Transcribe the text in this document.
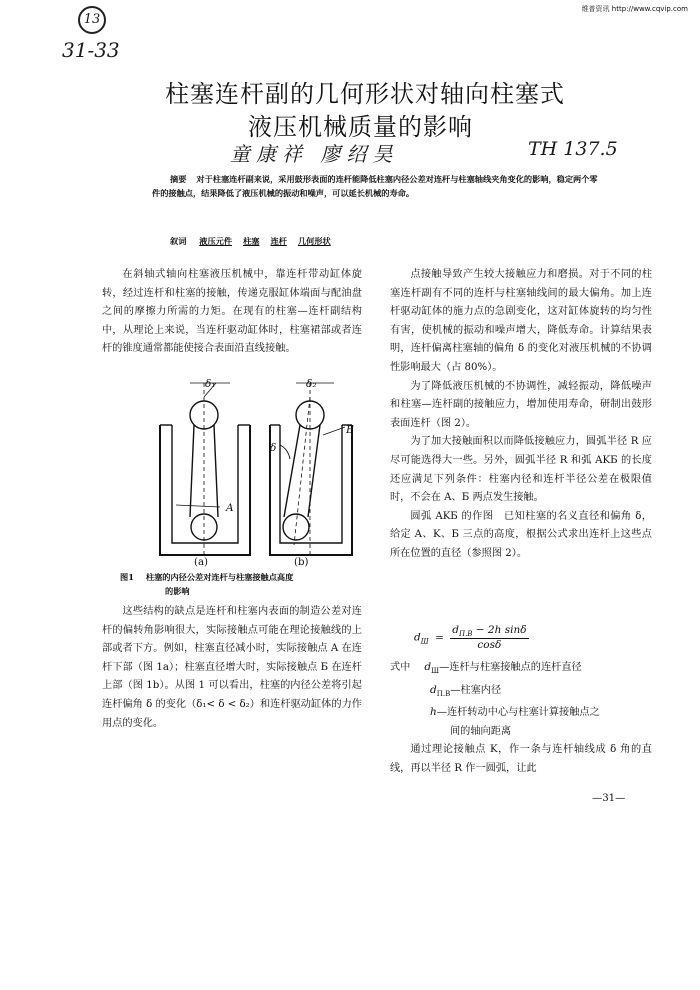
维普资讯 http://www.cqvip.com
13
31-33
柱塞连杆副的几何形状对轴向柱塞式
液压机械质量的影响
童康祥 廖绍昊	TH 137.5
摘要 对于柱塞连杆副来说，采用鼓形表面的连杆能降低柱塞内径公差对连杆与柱塞轴线夹角变化的影响，稳定两个零件的接触点，结果降低了液压机械的振动和噪声，可以延长机械的寿命。
叙词 液压元件　 柱塞　 连杆　 几何形状

在斜轴式轴向柱塞液压机械中，靠连杆带动缸体旋转，经过连杆和柱塞的接触，传递克服缸体端面与配油盘之间的摩擦力所需的力矩。在现有的柱塞—连杆副结构中，从理论上来说，当连杆驱动缸体时，柱塞裙部或者连杆的锥度通常都能使接合表面沿直线接触。

δ₁	δ₂
A
Б
δ
(a)	(b)
图1 柱塞的内径公差对连杆与柱塞接触点高度
的影响

这些结构的缺点是连杆和柱塞内表面的制造公差对连杆的偏转角影响很大，实际接触点可能在理论接触线的上部或者下方。例如，柱塞直径减小时，实际接触点 A 在连杆下部（图 1a）；柱塞直径增大时，实际接触点 Б 在连杆上部（图 1b）。从图 1 可以看出，柱塞的内径公差将引起连杆偏角 δ 的变化（δ₁< δ < δ₂）和连杆驱动缸体的力作用点的变化。

点接触导致产生较大接触应力和磨损。对于不同的柱塞连杆副有不同的连杆与柱塞轴线间的最大偏角。加上连杆驱动缸体的施力点的急剧变化，这对缸体旋转的均匀性有害，使机械的振动和噪声增大，降低寿命。计算结果表明，连杆偏离柱塞轴的偏角 δ 的变化对液压机械的不协调性影响最大（占 80%）。

为了降低液压机械的不协调性，减轻振动，降低噪声和柱塞—连杆副的接触应力，增加使用寿命，研制出鼓形表面连杆（图 2）。

为了加大接触面积以而降低接触应力，圆弧半径 R 应尽可能选得大一些。另外，圆弧半径 R 和弧 AKБ 的长度还应满足下列条件：柱塞内径和连杆半径公差在极限值时，不会在 A、Б 两点发生接触。

圆弧 AKБ 的作图　已知柱塞的名义直径和偏角 δ，给定 A、K、Б 三点的高度，根据公式求出连杆上这些点所在位置的直径（参照图 2）。

$d_Ш$ =
$d_{П.В} - 2h$ sinδ
cosδ
式中 $d_Ш—$连杆与柱塞接触点的连杆直径
$d_{П.В}—$柱塞内径
h—连杆转动中心与柱塞计算接触点之
间的轴向距离

通过理论接触点 K，作一条与连杆轴线成 δ 角的直线，再以半径 R 作一圆弧，让此

—31—
